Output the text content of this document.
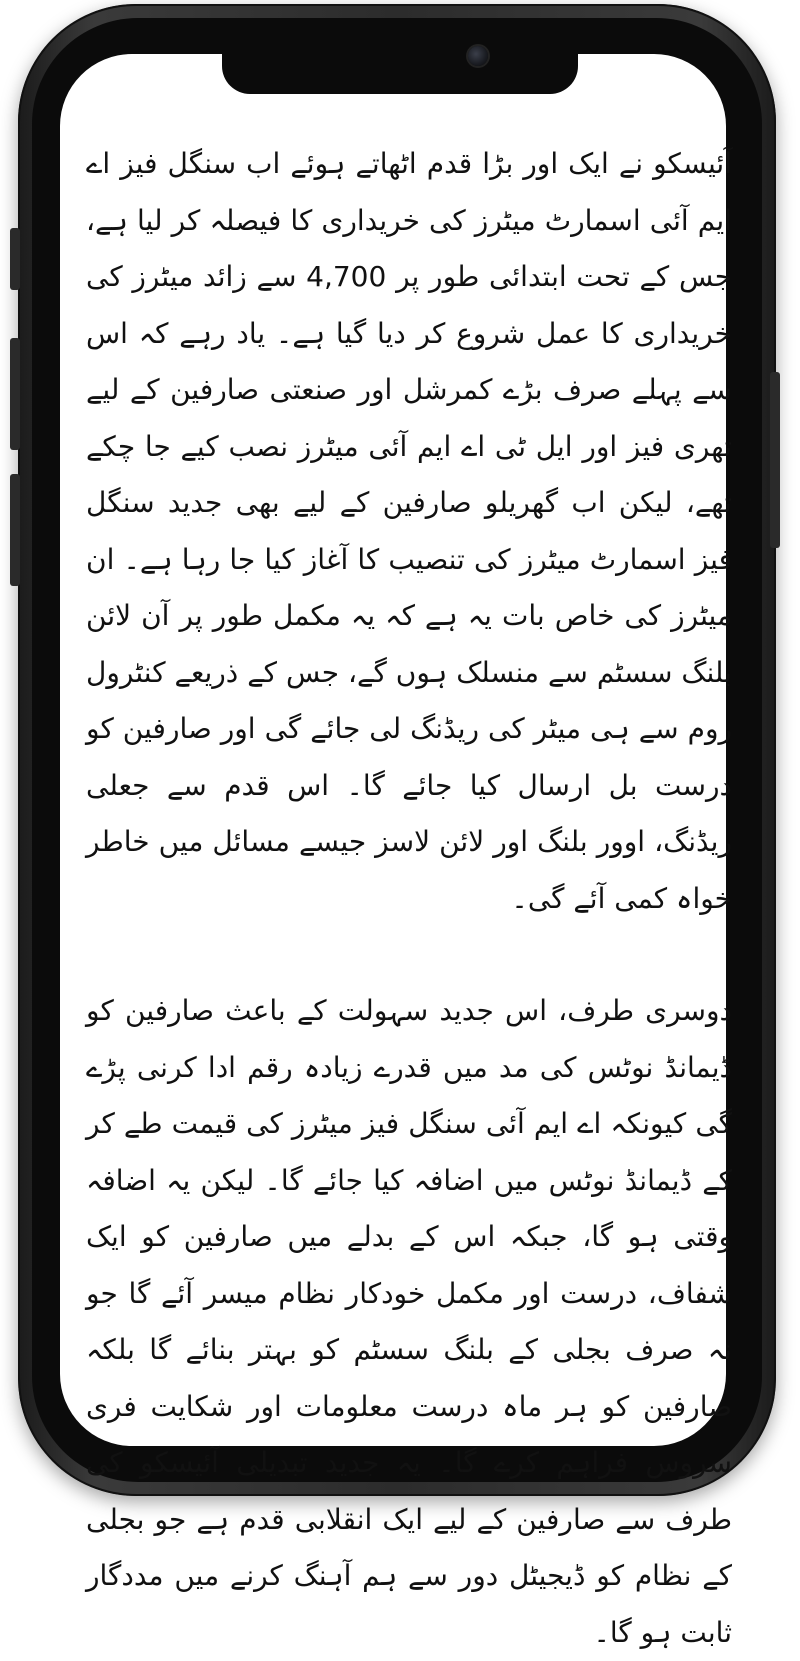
آئیسکو نے ایک اور بڑا قدم اٹھاتے ہوئے اب سنگل فیز اے ایم آئی اسمارٹ میٹرز کی خریداری کا فیصلہ کر لیا ہے، جس کے تحت ابتدائی طور پر 4,700 سے زائد میٹرز کی خریداری کا عمل شروع کر دیا گیا ہے۔ یاد رہے کہ اس سے پہلے صرف بڑے کمرشل اور صنعتی صارفین کے لیے تھری فیز اور ایل ٹی اے ایم آئی میٹرز نصب کیے جا چکے تھے، لیکن اب گھریلو صارفین کے لیے بھی جدید سنگل فیز اسمارٹ میٹرز کی تنصیب کا آغاز کیا جا رہا ہے۔ ان میٹرز کی خاص بات یہ ہے کہ یہ مکمل طور پر آن لائن بلنگ سسٹم سے منسلک ہوں گے، جس کے ذریعے کنٹرول روم سے ہی میٹر کی ریڈنگ لی جائے گی اور صارفین کو درست بل ارسال کیا جائے گا۔ اس قدم سے جعلی ریڈنگ، اوور بلنگ اور لائن لاسز جیسے مسائل میں خاطر خواہ کمی آئے گی۔

دوسری طرف، اس جدید سہولت کے باعث صارفین کو ڈیمانڈ نوٹس کی مد میں قدرے زیادہ رقم ادا کرنی پڑے گی کیونکہ اے ایم آئی سنگل فیز میٹرز کی قیمت طے کر کے ڈیمانڈ نوٹس میں اضافہ کیا جائے گا۔ لیکن یہ اضافہ وقتی ہو گا، جبکہ اس کے بدلے میں صارفین کو ایک شفاف، درست اور مکمل خودکار نظام میسر آئے گا جو نہ صرف بجلی کے بلنگ سسٹم کو بہتر بنائے گا بلکہ صارفین کو ہر ماہ درست معلومات اور شکایت فری سروس فراہم کرے گا۔ یہ جدید تبدیلی آئیسکو کی طرف سے صارفین کے لیے ایک انقلابی قدم ہے جو بجلی کے نظام کو ڈیجیٹل دور سے ہم آہنگ کرنے میں مددگار ثابت ہو گا۔
